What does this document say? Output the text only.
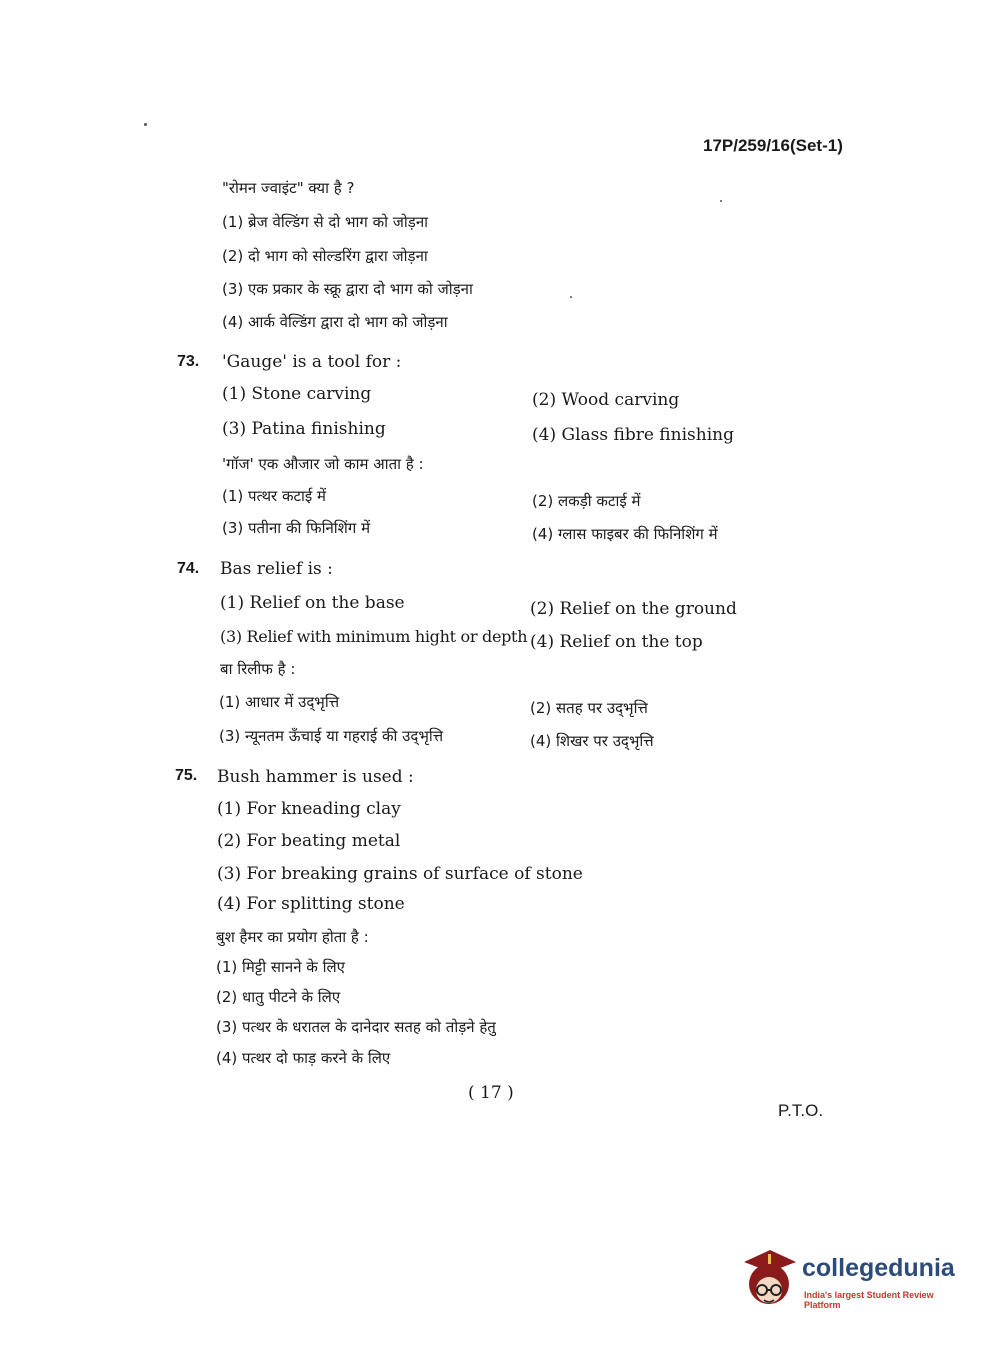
17P/259/16(Set-1)
"रोमन ज्वाइंट" क्या है ?
(1) ब्रेज वेल्डिंग से दो भाग को जोड़ना
(2) दो भाग को सोल्डरिंग द्वारा जोड़ना
(3) एक प्रकार के स्क्रू द्वारा दो भाग को जोड़ना
(4) आर्क वेल्डिंग द्वारा दो भाग को जोड़ना
73. 'Gauge' is a tool for :
(1) Stone carving	(2) Wood carving
(3) Patina finishing	(4) Glass fibre finishing
'गॉज' एक औजार जो काम आता है :
(1) पत्थर कटाई में	(2) लकड़ी कटाई में
(3) पतीना की फिनिशिंग में	(4) ग्लास फाइबर की फिनिशिंग में
74. Bas relief is :
(1) Relief on the base	(2) Relief on the ground
(3) Relief with minimum hight or depth (4) Relief on the top
बा रिलीफ है :
(1) आधार में उद्‌भृत्ति	(2) सतह पर उद्‌भृत्ति
(3) न्यूनतम ऊँचाई या गहराई की उद्‌भृत्ति	(4) शिखर पर उद्‌भृत्ति
75. Bush hammer is used :
(1) For kneading clay
(2) For beating metal
(3) For breaking grains of surface of stone
(4) For splitting stone
बुश हैमर का प्रयोग होता है :
(1) मिट्टी सानने के लिए
(2) धातु पीटने के लिए
(3) पत्थर के धरातल के दानेदार सतह को तोड़ने हेतु
(4) पत्थर दो फाड़ करने के लिए
( 17 )
P.T.O.
collegedunia
India's largest Student Review Platform
